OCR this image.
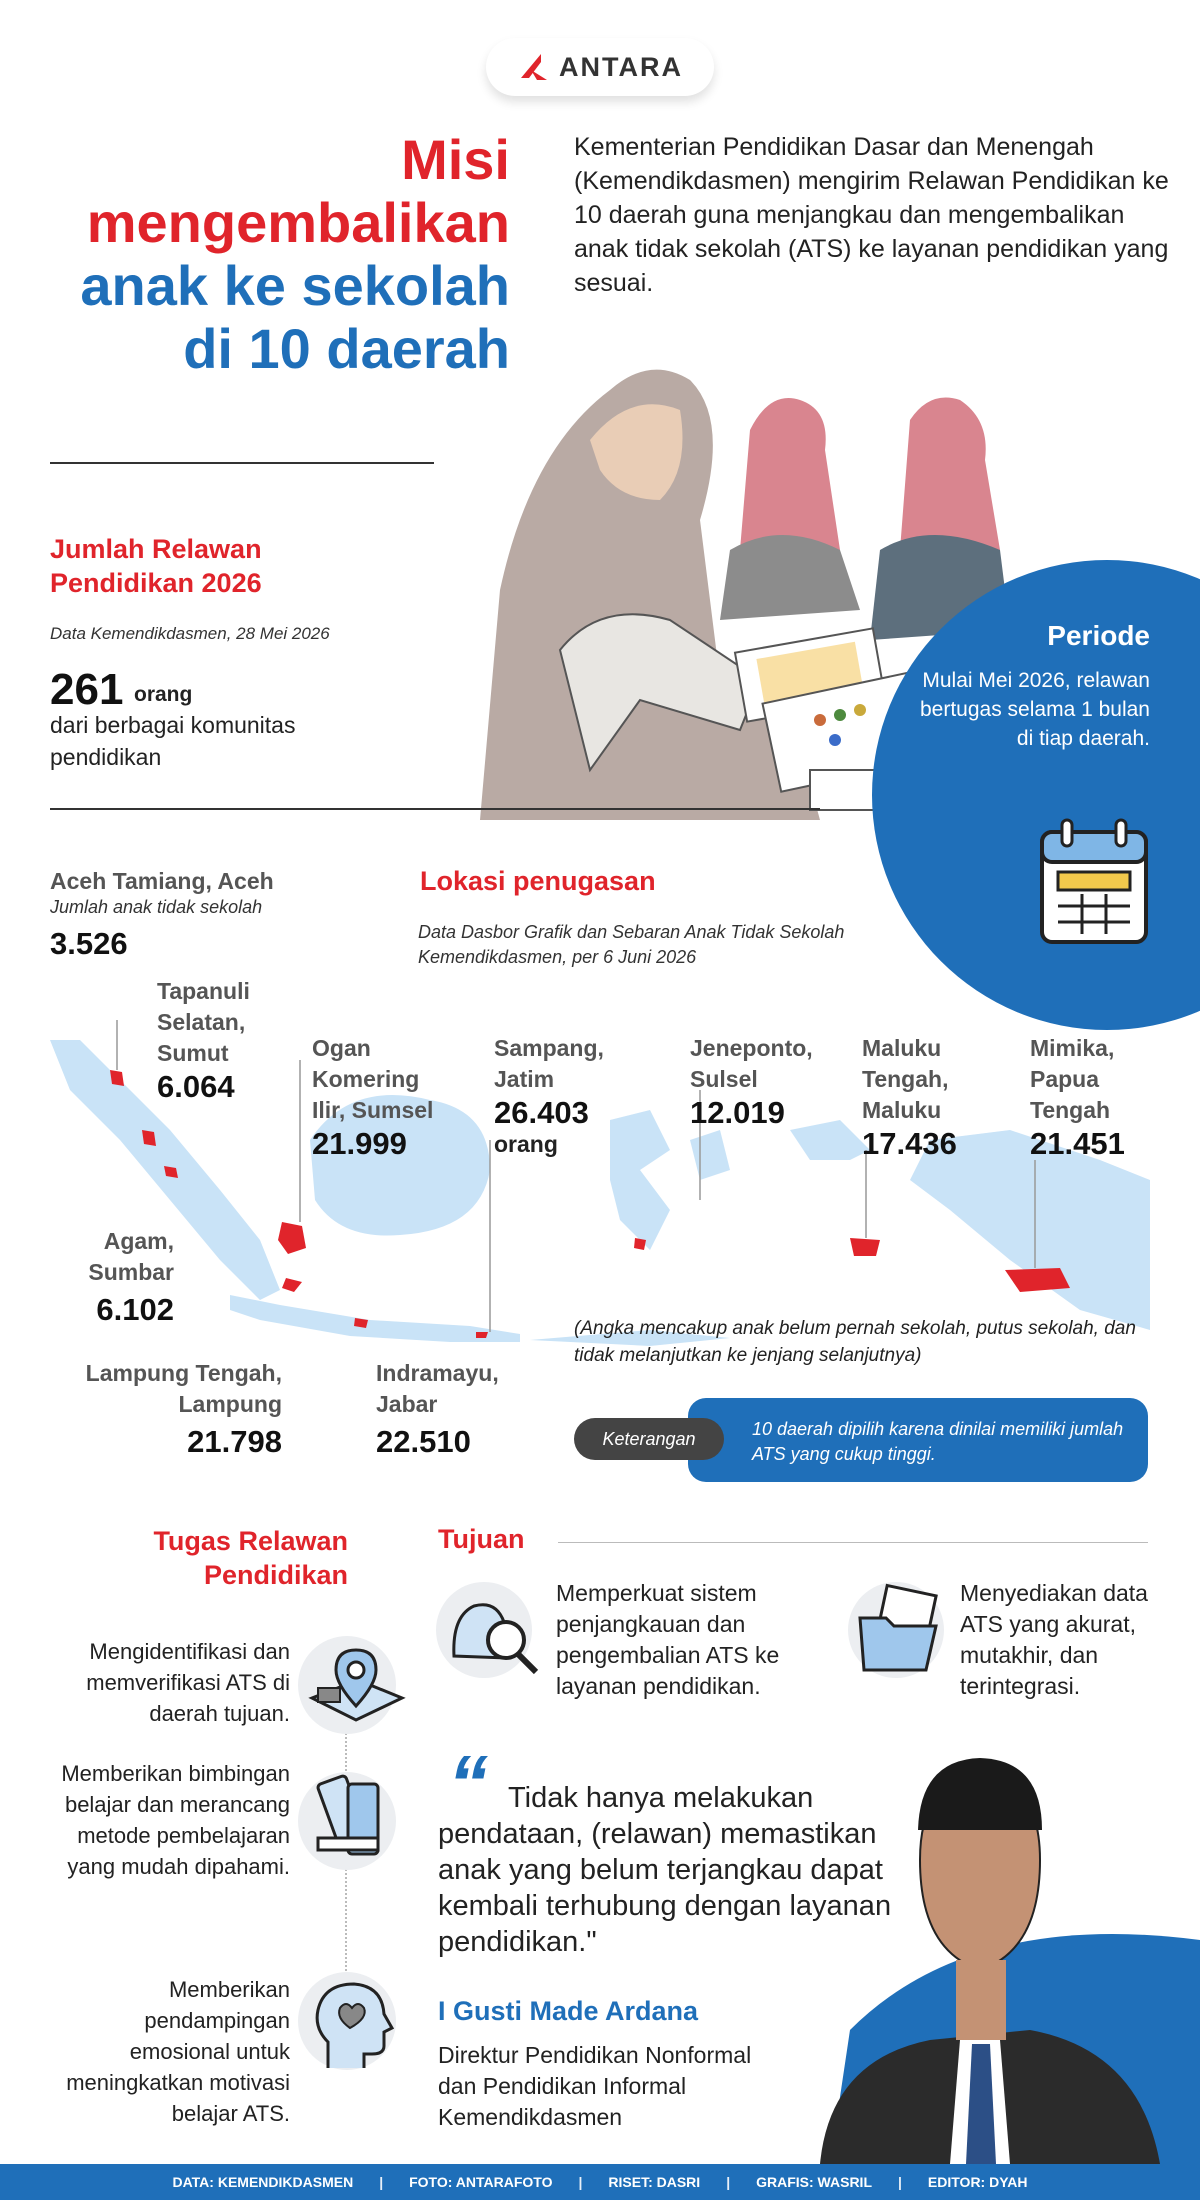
ANTARA
Misi
mengembalikan
anak ke sekolah
di 10 daerah
Kementerian Pendidikan Dasar dan Menengah (Kemendikdasmen) mengirim Relawan Pendidikan ke 10 daerah guna menjangkau dan mengembalikan anak tidak sekolah (ATS) ke layanan pendidikan yang sesuai.
Jumlah Relawan Pendidikan 2026
Data Kemendikdasmen, 28 Mei 2026
261 orang
dari berbagai komunitas pendidikan
Periode
Mulai Mei 2026, relawan bertugas selama 1 bulan di tiap daerah.
Lokasi penugasan
Data Dasbor Grafik dan Sebaran Anak Tidak Sekolah Kemendikdasmen, per 6 Juni 2026
Aceh Tamiang, Aceh
Jumlah anak tidak sekolah
3.526
Tapanuli Selatan, Sumut
6.064
Ogan Komering Ilir, Sumsel
21.999
Sampang, Jatim
26.403
orang
Jeneponto, Sulsel
12.019
Maluku Tengah, Maluku
17.436
Mimika, Papua Tengah
21.451
Agam, Sumbar
6.102
Lampung Tengah, Lampung
21.798
Indramayu, Jabar
22.510
(Angka mencakup anak belum pernah sekolah, putus sekolah, dan tidak melanjutkan ke jenjang selanjutnya)
Keterangan	10 daerah dipilih karena dinilai memiliki jumlah ATS yang cukup tinggi.
Tugas Relawan Pendidikan
Mengidentifikasi dan memverifikasi ATS di daerah tujuan.
Memberikan bimbingan belajar dan merancang metode pembelajaran yang mudah dipahami.
Memberikan pendampingan emosional untuk meningkatkan motivasi belajar ATS.
Tujuan
Memperkuat sistem penjangkauan dan pengembalian ATS ke layanan pendidikan.
Menyediakan data ATS yang akurat, mutakhir, dan terintegrasi.
“ Tidak hanya melakukan pendataan, (relawan) memastikan anak yang belum terjangkau dapat kembali terhubung dengan layanan pendidikan."
I Gusti Made Ardana
Direktur Pendidikan Nonformal dan Pendidikan Informal Kemendikdasmen
DATA: KEMENDIKDASMEN | FOTO: ANTARAFOTO | RISET: DASRI | GRAFIS: WASRIL | EDITOR: DYAH
